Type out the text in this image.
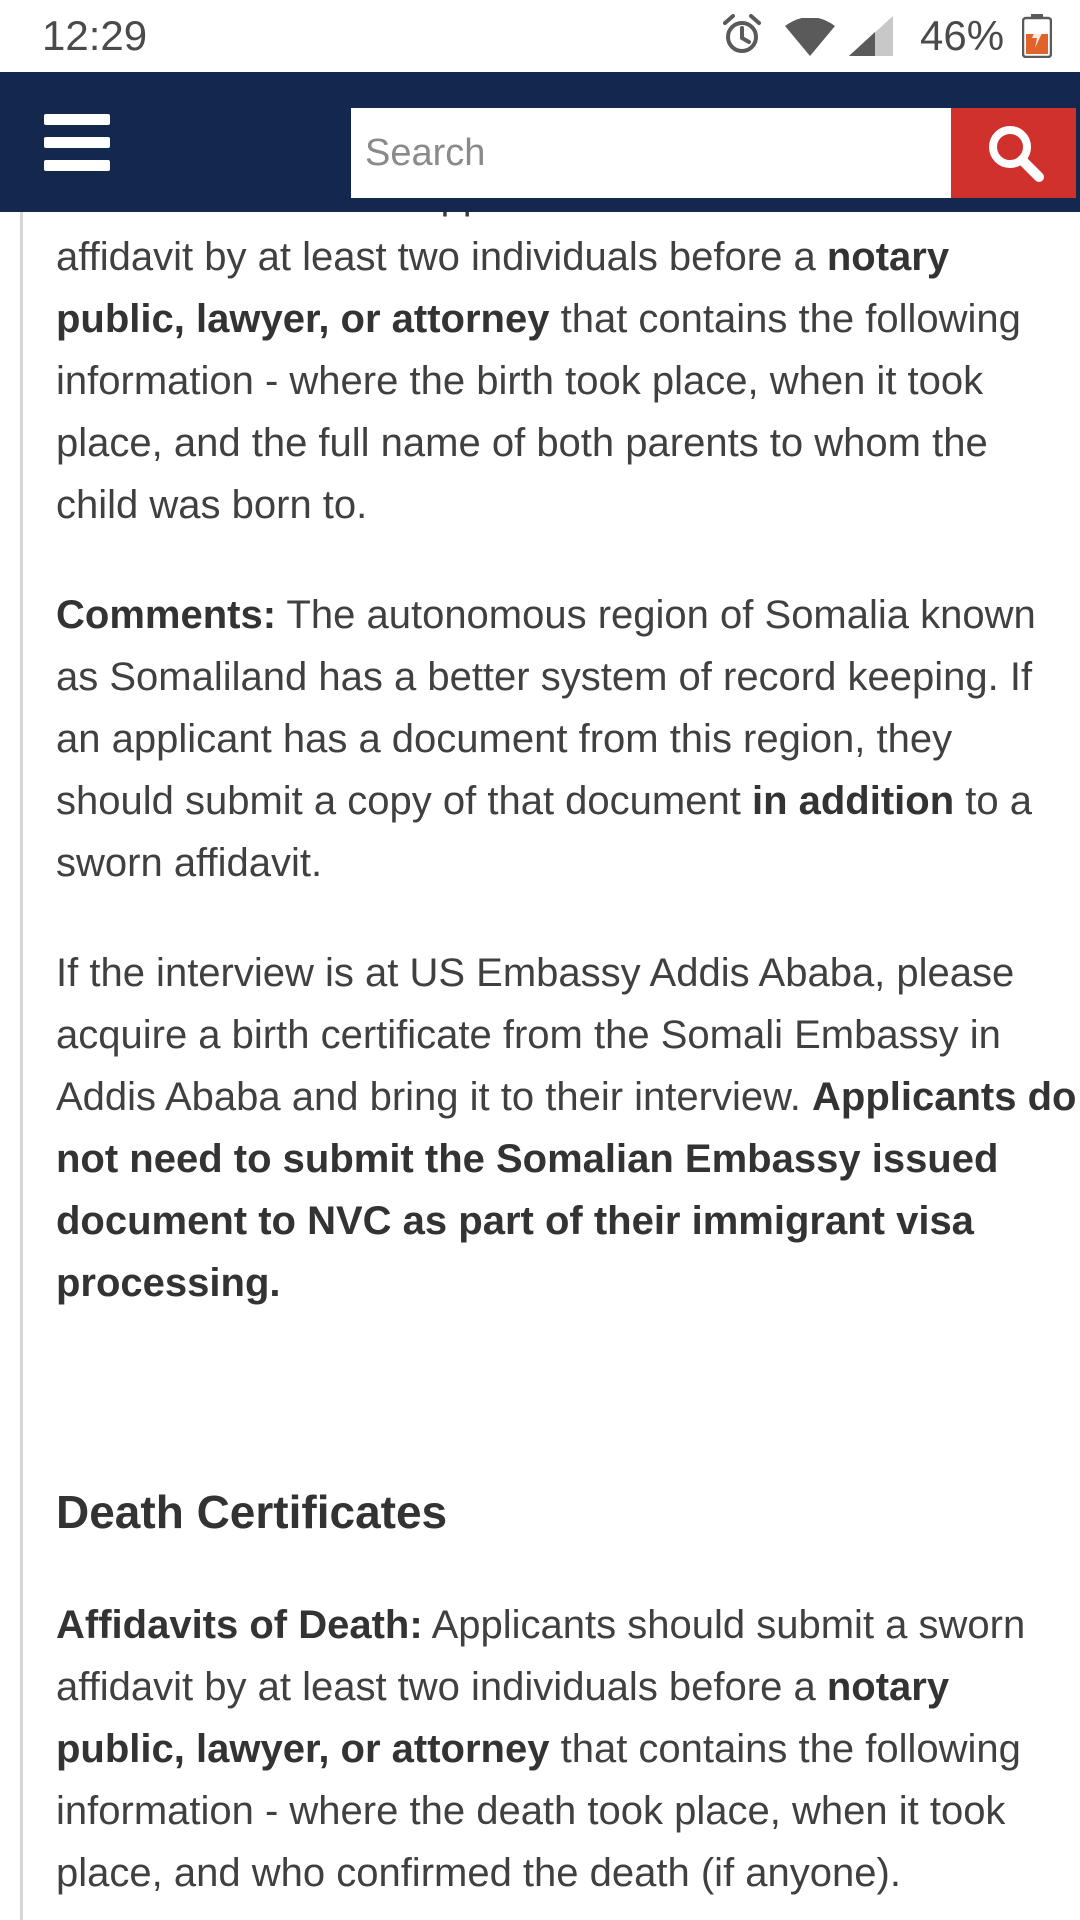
12:29	46%
Search

affidavit by at least two individuals before a notary public, lawyer, or attorney that contains the following information - where the birth took place, when it took place, and the full name of both parents to whom the child was born to.

Comments: The autonomous region of Somalia known as Somaliland has a better system of record keeping. If an applicant has a document from this region, they should submit a copy of that document in addition to a sworn affidavit.

If the interview is at US Embassy Addis Ababa, please acquire a birth certificate from the Somali Embassy in Addis Ababa and bring it to their interview. Applicants do not need to submit the Somalian Embassy issued document to NVC as part of their immigrant visa processing.

Death Certificates

Affidavits of Death: Applicants should submit a sworn affidavit by at least two individuals before a notary public, lawyer, or attorney that contains the following information - where the death took place, when it took place, and who confirmed the death (if anyone).
